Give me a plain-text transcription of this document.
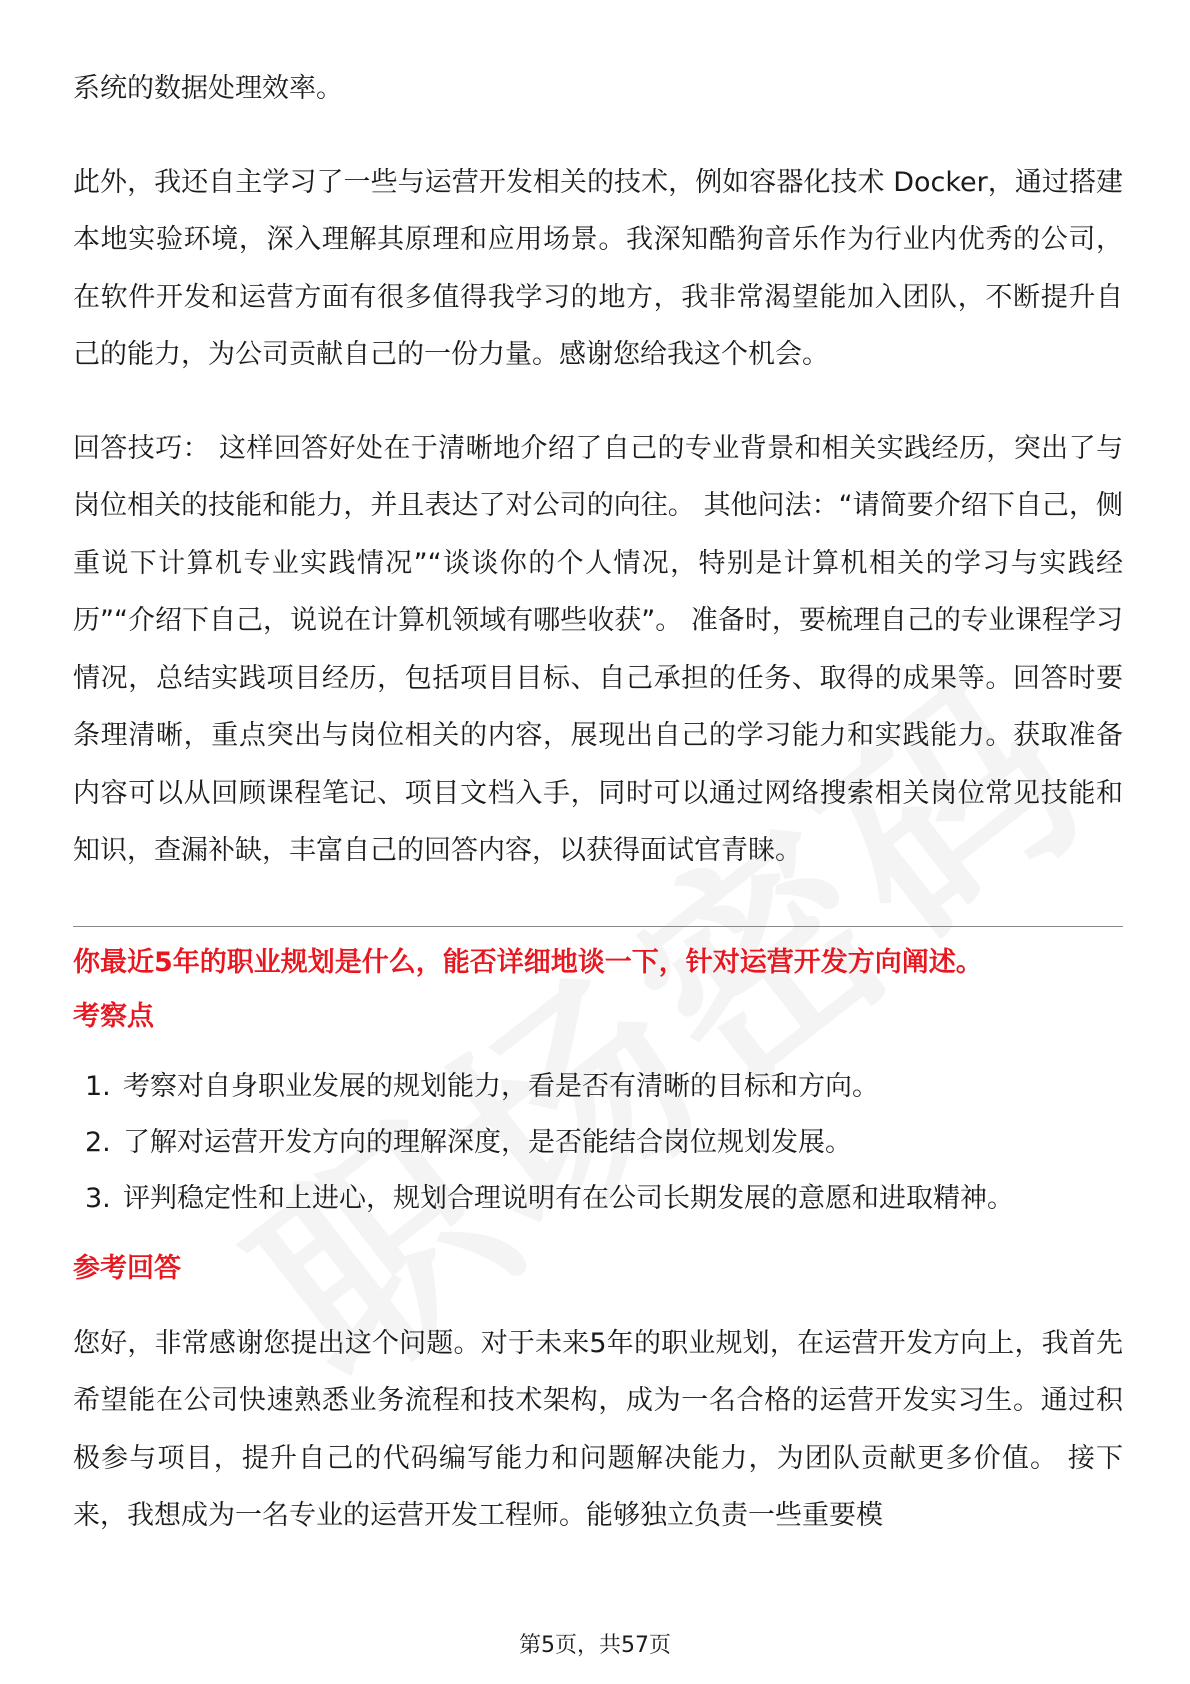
系统的数据处理效率。

此外，我还自主学习了一些与运营开发相关的技术，例如容器化技术 Docker，通过搭建本地实验环境，深入理解其原理和应用场景。我深知酷狗音乐作为行业内优秀的公司，在软件开发和运营方面有很多值得我学习的地方，我非常渴望能加入团队，不断提升自己的能力，为公司贡献自己的一份力量。感谢您给我这个机会。

回答技巧： 这样回答好处在于清晰地介绍了自己的专业背景和相关实践经历，突出了与岗位相关的技能和能力，并且表达了对公司的向往。 其他问法：“请简要介绍下自己，侧重说下计算机专业实践情况”“谈谈你的个人情况，特别是计算机相关的学习与实践经历”“介绍下自己，说说在计算机领域有哪些收获”。 准备时，要梳理自己的专业课程学习情况，总结实践项目经历，包括项目目标、自己承担的任务、取得的成果等。回答时要条理清晰，重点突出与岗位相关的内容，展现出自己的学习能力和实践能力。获取准备内容可以从回顾课程笔记、项目文档入手，同时可以通过网络搜索相关岗位常见技能和知识，查漏补缺，丰富自己的回答内容，以获得面试官青睐。

你最近5年的职业规划是什么，能否详细地谈一下，针对运营开发方向阐述。

考察点

1. 考察对自身职业发展的规划能力，看是否有清晰的目标和方向。
2. 了解对运营开发方向的理解深度，是否能结合岗位规划发展。
3. 评判稳定性和上进心，规划合理说明有在公司长期发展的意愿和进取精神。

参考回答

您好，非常感谢您提出这个问题。对于未来5年的职业规划，在运营开发方向上，我首先希望能在公司快速熟悉业务流程和技术架构，成为一名合格的运营开发实习生。通过积极参与项目，提升自己的代码编写能力和问题解决能力，为团队贡献更多价值。 接下来，我想成为一名专业的运营开发工程师。能够独立负责一些重要模

第5页，共57页
